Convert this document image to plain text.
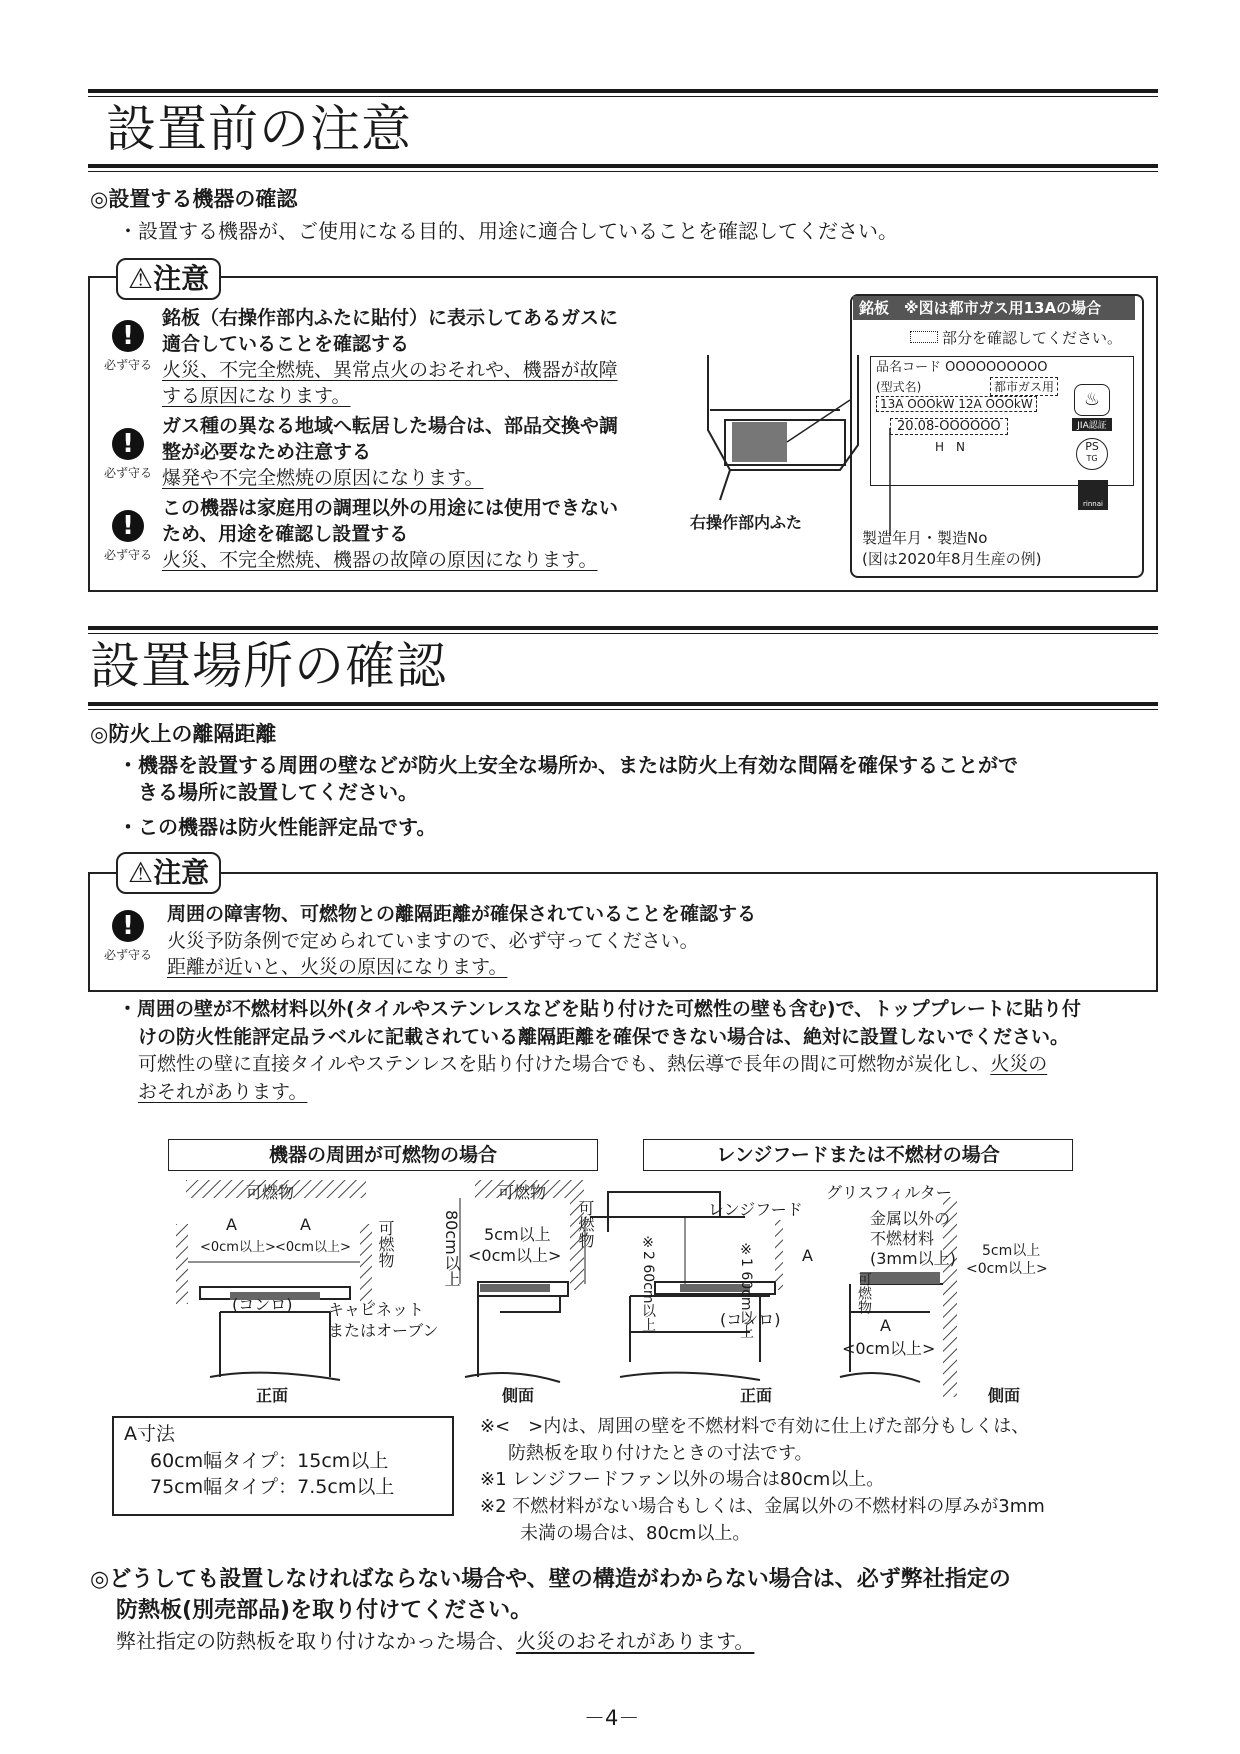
設置前の注意
◎設置する機器の確認
・設置する機器が、ご使用になる目的、用途に適合していることを確認してください。
⚠注意
!
必ず守る
銘板（右操作部内ふたに貼付）に表示してあるガスに
適合していることを確認する
火災、不完全燃焼、異常点火のおそれや、機器が故障
する原因になります。
!
必ず守る
ガス種の異なる地域へ転居した場合は、部品交換や調
整が必要なため注意する
爆発や不完全燃焼の原因になります。
!
必ず守る
この機器は家庭用の調理以外の用途には使用できない
ため、用途を確認し設置する
火災、不完全燃焼、機器の故障の原因になります。
右操作部内ふた
銘板　※図は都市ガス用13Aの場合
部分を確認してください。
品名コード OOOOOOOOOO
(型式名)	都市ガス用
13A OOOkW 12A OOOkW
20.08-OOOOOO
H　N
♨
JIA認証
PS
TG
rinnai
製造年月・製造No
(図は2020年8月生産の例)
設置場所の確認
◎防火上の離隔距離
・機器を設置する周囲の壁などが防火上安全な場所か、または防火上有効な間隔を確保することがで
きる場所に設置してください。
・この機器は防火性能評定品です。
⚠注意
!
必ず守る
周囲の障害物、可燃物との離隔距離が確保されていることを確認する
火災予防条例で定められていますので、必ず守ってください。
距離が近いと、火災の原因になります。
・周囲の壁が不燃材料以外(タイルやステンレスなどを貼り付けた可燃性の壁も含む)で、トッププレートに貼り付
けの防火性能評定品ラベルに記載されている離隔距離を確保できない場合は、絶対に設置しないでください。
可燃性の壁に直接タイルやステンレスを貼り付けた場合でも、熱伝導で長年の間に可燃物が炭化し、火災の
おそれがあります。
機器の周囲が可燃物の場合	レンジフードまたは不燃材の場合
可燃物
A	A
<0cm以上> <0cm以上> 可燃物
(コンロ) キャビネット
またはオーブン
正面
可燃物
可燃物
80cm以上 5cm以上
<0cm以上>
側面
レンジフード
グリスフィルター
金属以外の
不燃材料
(3mm以上)
※2 60cm以上
※1 60cm以上
A
可燃物
(コンロ)	A
<0cm以上>
正面
5cm以上
<0cm以上>
側面
A寸法
60cm幅タイプ：15cm以上
75cm幅タイプ：7.5cm以上
※<　>内は、周囲の壁を不燃材料で有効に仕上げた部分もしくは、
防熱板を取り付けたときの寸法です。
※1 レンジフードファン以外の場合は80cm以上。
※2 不燃材料がない場合もしくは、金属以外の不燃材料の厚みが3mm
未満の場合は、80cm以上。
◎どうしても設置しなければならない場合や、壁の構造がわからない場合は、必ず弊社指定の
防熱板(別売部品)を取り付けてください。
弊社指定の防熱板を取り付けなかった場合、火災のおそれがあります。
－4－
